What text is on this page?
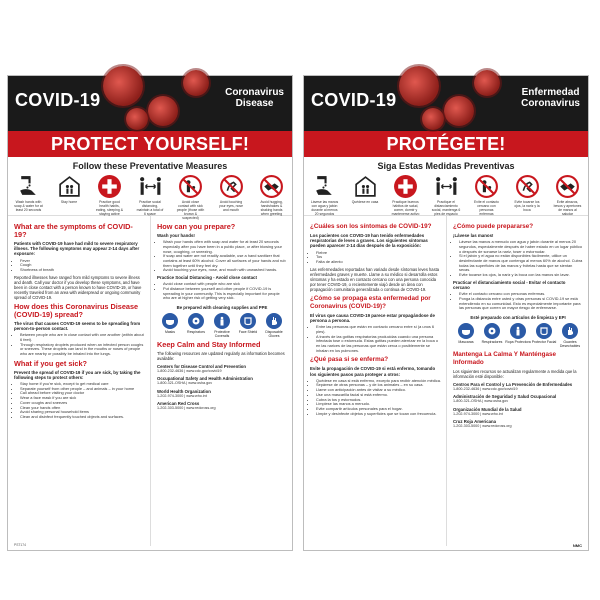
COVID-19	Coronavirus
Disease
PROTECT YOURSELF!
Follow these Preventative Measures
Wash hands with soap & water for at least 20 seconds
Stay home	Practice good health habits, eating, sleeping & staying active
Practice social distancing, maintain a total of 6 space
Avoid close contact with sick people (those with known & suspected)
Avoid touching your eyes, nose and mouth
Avoid hugging, handshakes & shaking hands when greeting
What are the symptoms of COVID-19?

Patients with COVID-19 have had mild to severe respiratory illness. The following symptoms may appear 2-14 days after exposure:

• Fever
• Cough
• Shortness of breath

Reported illnesses have ranged from mild symptoms to severe illness and death. Call your doctor if you develop these symptoms, and have been in close contact with a person known to have COVID-19, or have recently traveled from an area with widespread or ongoing community spread of COVID-19.

How does this Coronavirus Disease (COVID-19) spread?

The virus that causes COVID-19 seems to be spreading from person-to-person contact.

• Between people who are in close contact with one another (within about 6 feet).
• Through respiratory droplets produced when an infected person coughs or sneezes. These droplets can land in the mouths or noses of people who are nearby or possibly be inhaled into the lungs.
What if you get sick?

Prevent the spread of COVID-19 if you are sick, by taking the following steps to protect others:

• Stay home if you're sick, except to get medical care
• Separate yourself from other people – and animals – in your home
• Call ahead before visiting your doctor
• Wear a face mask if you are sick
• Cover coughs and sneezes
• Clean your hands often
• Avoid sharing personal household items
• Clean and disinfect frequently touched objects and surfaces.
How can you prepare?

Wash your hands!

• Wash your hands often with soap and water for at least 20 seconds especially after you have been in a public place, or after blowing your nose, coughing, or sneezing.
• If soap and water are not readily available, use a hand sanitizer that contains at least 60% alcohol. Cover all surfaces of your hands and rub them together until they feel dry.
• Avoid touching your eyes, nose, and mouth with unwashed hands.

Practice Social Distancing - Avoid close contact

• Avoid close contact with people who are sick
• Put distance between yourself and other people if COVID-19 is spreading in your community. This is especially important for people who are at higher risk of getting very sick.
Be prepared with cleaning supplies and PPE
Masks	Respirators	Protective Coveralls
Face Shield	Disposable Gloves
Keep Calm and Stay Informed

The following resources are updated regularly as information becomes available:

Centers for Disease Control and Prevention
1-800-232-4636 | www.cdc.gov/covid19
Occupational Safety and Health Administration
1-800-321-OSHA | www.osha.gov
World Health Organization
1-202-974-3000 | www.who.int
American Red Cross
1-202-303-5000 | www.redcross.org
PST174
COVID-19	Enfermedad
Coronavirus
PROTÉGETE!
Siga Estas Medidas Preventivas
Lávese las manos con agua y jabón durante al menos 20 segundos
Quédese en casa	Practique buenos hábitos de salud, comer, dormir y mantenerse activo
Practique el distanciamiento social, mantenga 6 pies de espacio
Evite el contacto cercano con personas enfermas
Evite tocarse los ojos, la nariz y la boca
Evite abrazos, besos y apretones de manos al saludar
¿Cuáles son los síntomas de COVID-19?

Los pacientes con COVID-19 han tenido enfermedades respiratorias de leves a graves. Los siguientes síntomas pueden aparecer 2-14 días después de la exposición:

• Fiebre
• Tos
• Falta de aliento

Las enfermedades reportadas han variado desde síntomas leves hasta enfermedades graves y muerte. Llame a su médico si desarrolla estos síntomas y ha estado en contacto cercano con una persona conocida por tener COVID-19, o recientemente viajó desde un área con propagación comunitaria generalizada o continua de COVID-19.

¿Cómo se propaga esta enfermedad por Coronavirus (COVID-19)?

El virus que causa COVID-19 parece estar propagándose de persona a persona.

• Entre las personas que están en contacto cercano entre sí (a unos 6 pies).
• A través de las gotitas respiratorias producidas cuando una persona infectada tose o estornuda. Estas gotitas pueden aterrizar en la boca o en las narices de las personas que están cerca o posiblemente se inhalan en los pulmones.
¿Qué pasa si se enferma?

Evite la propagación de COVID-19 si está enfermo, tomando los siguientes pasos para proteger a otros:

• Quédese en casa si está enfermo, excepto para recibir atención médica.
• Sepárese de otras personas – y de los animales – en su casa.
• Llame con anticipación antes de visitar a su médico.
• Use una mascarilla facial si está enfermo.
• Cubra la tos y estornudos.
• Límpiese las manos a menudo.
• Evite compartir artículos personales para el hogar.
• Limpie y desinfecte objetos y superficies que se tocan con frecuencia.
¿Cómo puede prepararse?

¡Lávese las manos!

• Lávese las manos a menudo con agua y jabón durante al menos 20 segundos, especialmente después de haber estado en un lugar público o después de sonarse la nariz, toser o estornudar.
• Si el jabón y el agua no están disponibles fácilmente, utilice un desinfectante de manos que contenga al menos 60% de alcohol. Cubra todas las superficies de las manos y frótelas hasta que se sientan secas.
• Evite tocarse los ojos, la nariz y la boca con las manos sin lavar.

Practicar el distanciamiento social - Evitar el contacto cercano

• Evite el contacto cercano con personas enfermas.
• Ponga la distancia entre usted y otras personas si COVID-19 se está extendiendo en su comunidad. Esto es especialmente importante para las personas que corren un mayor riesgo de enfermarse.
Esté preparado con artículos de limpieza y EPI
Mascaras	Respiradores Ropa Protectora Protector Facial	Guantes Desechables
Mantenga La Calma Y Manténgase Informado

Los siguientes recursos se actualizan regularmente a medida que la información esté disponible:

Centros Para el Control y La Prevención de Enfermedades
1-800-232-4636 | www.cdc.gov/covid19
Administración de Seguridad y Salud Ocupacional
1-800-321-OSHA | www.osha.gov
Organización Mundial de la Salud
1-202-974-3000 | www.who.int
Cruz Roja Americana
1-202-303-5000 | www.redcross.org
NMC
